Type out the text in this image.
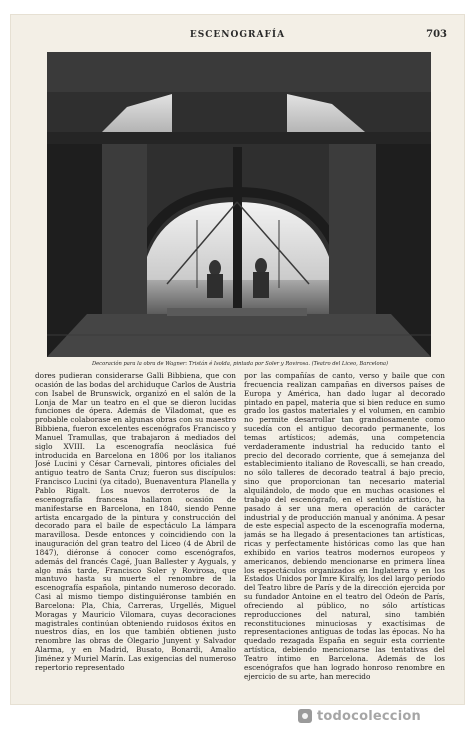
ESCENOGRAFÍA	703
Decoración para la obra de Wagner: Tristán é Isolda, pintada por Soler y Rovirosa. (Teatro del Liceo, Barcelona)
dores pudieran considerarse Galli Bibbiena, que con ocasión de las bodas del archiduque Carlos de Austria con Isabel de Brunswick, organizó en el salón de la Lonja de Mar un teatro en el que se dieron lucidas funciones de ópera. Además de Viladomat, que es probable colaborase en algunas obras con su maestro Bibbiena, fueron excelentes escenógrafos Francisco y Manuel Tramullas, que trabajaron á mediados del siglo XVIII. La escenografía neoclásica fué introducida en Barcelona en 1806 por los italianos José Lucini y César Carnevali, pintores oficiales del antiguo teatro de Santa Cruz; fueron sus discípulos: Francisco Lucini (ya citado), Buenaventura Planella y Pablo Rigalt. Los nuevos derroteros de la escenografía francesa hallaron ocasión de manifestarse en Barcelona, en 1840, siendo Penne artista encargado de la pintura y construcción del decorado para el baile de espectáculo La lámpara maravillosa. Desde entonces y coincidiendo con la inauguración del gran teatro del Liceo (4 de Abril de 1847), diéronse á conocer como escenógrafos, además del francés Cagé, Juan Ballester y Ayguals, y algo más tarde, Francisco Soler y Rovirosa, que mantuvo hasta su muerte el renombre de la escenografía española, pintando numeroso decorado. Casi al mismo tiempo distinguiéronse también en Barcelona: Pla, Chia, Carreras, Urgellés, Miguel Moragas y Mauricio Vilomara, cuyas decoraciones magistrales continúan obteniendo ruidosos éxitos en nuestros días, en los que también obtienen justo renombre las obras de Olegario Junyent y Salvador Alarma, y en Madrid, Busato, Bonardi, Amalio Jiménez y Muriel Marín. Las exigencias del numeroso repertorio representado
por las compañías de canto, verso y baile que con frecuencia realizan campañas en diversos países de Europa y América, han dado lugar al decorado pintado en papel, materia que si bien reduce en sumo grado los gastos materiales y el volumen, en cambio no permite desarrollar tan grandiosamente como sucedía con el antiguo decorado permanente, los temas artísticos; además, una competencia verdaderamente industrial ha reducido tanto el precio del decorado corriente, que á semejanza del establecimiento italiano de Rovescalli, se han creado, no sólo talleres de decorado teatral á bajo precio, sino que proporcionan tan necesario material alquilándolo, de modo que en muchas ocasiones el trabajo del escenógrafo, en el sentido artístico, ha pasado á ser una mera operación de carácter industrial y de producción manual y anónima. A pesar de este especial aspecto de la escenografía moderna, jamás se ha llegado á presentaciones tan artísticas, ricas y perfectamente históricas como las que han exhibido en varios teatros modernos europeos y americanos, debiendo mencionarse en primera línea los espectáculos organizados en Inglaterra y en los Estados Unidos por Imre Kiralfy, los del largo período del Teatro libre de París y de la dirección ejercida por su fundador Antoine en el teatro del Odeón de París, ofreciendo al público, no sólo artísticas reproducciones del natural, sino también reconstituciones minuciosas y exactísimas de representaciones antiguas de todas las épocas. No ha quedado rezagada España en seguir esta corriente artística, debiendo mencionarse las tentativas del Teatro íntimo en Barcelona. Además de los escenógrafos que han logrado honroso renombre en ejercicio de su arte, han merecido
todocoleccion
